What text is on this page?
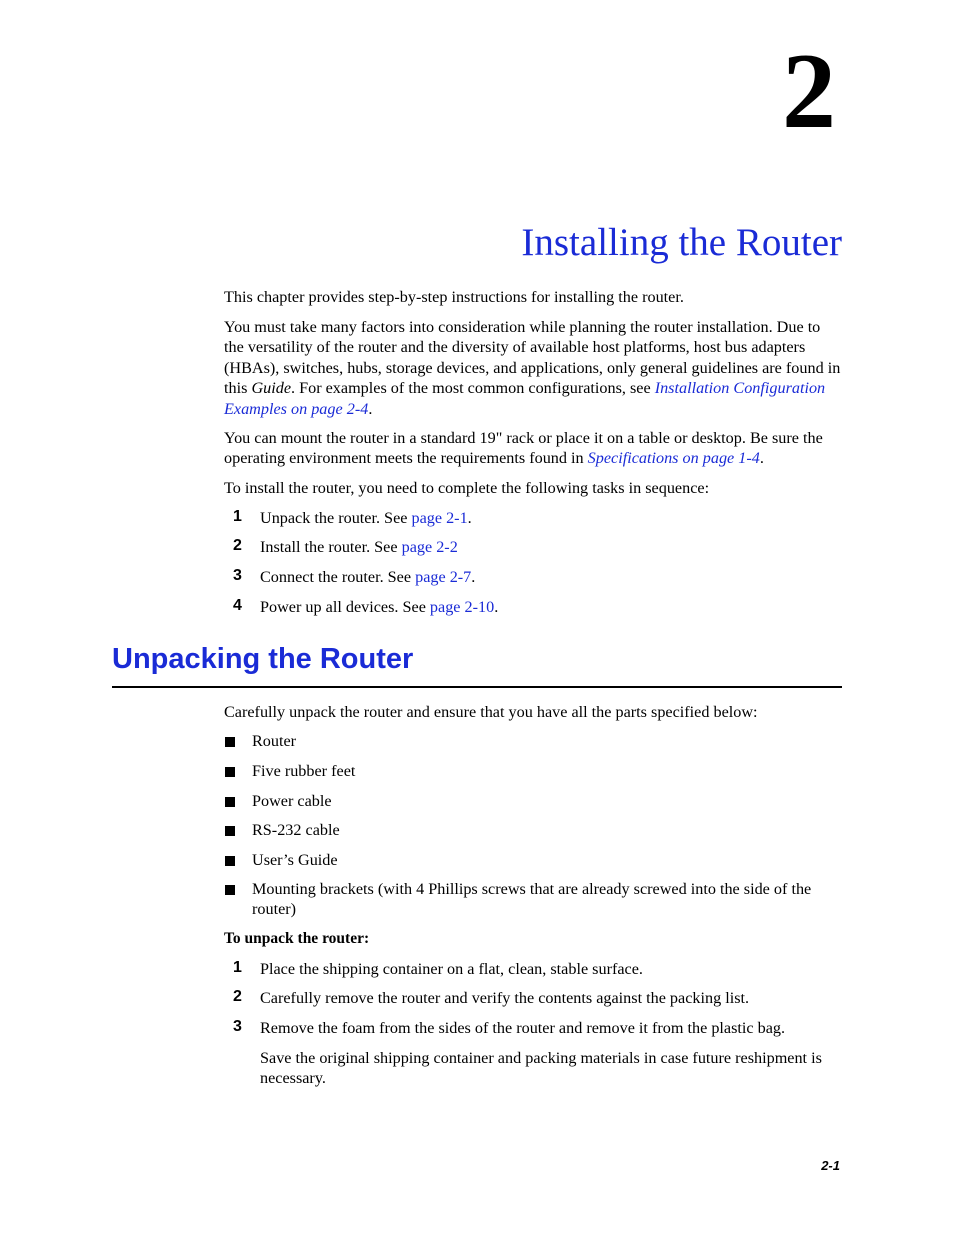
2
Installing the Router
This chapter provides step-by-step instructions for installing the router.
You must take many factors into consideration while planning the router installation. Due to the versatility of the router and the diversity of available host platforms, host bus adapters (HBAs), switches, hubs, storage devices, and applications, only general guidelines are found in this Guide. For examples of the most common configurations, see Installation Configuration Examples on page 2-4.
You can mount the router in a standard 19" rack or place it on a table or desktop. Be sure the operating environment meets the requirements found in Specifications on page 1-4.
To install the router, you need to complete the following tasks in sequence:
1 Unpack the router. See page 2-1.
2 Install the router. See page 2-2
3 Connect the router. See page 2-7.
4 Power up all devices. See page 2-10.
Unpacking the Router
Carefully unpack the router and ensure that you have all the parts specified below:
Router
Five rubber feet
Power cable
RS-232 cable
User’s Guide
Mounting brackets (with 4 Phillips screws that are already screwed into the side of the router)
To unpack the router:
1 Place the shipping container on a flat, clean, stable surface.
2 Carefully remove the router and verify the contents against the packing list.
3 Remove the foam from the sides of the router and remove it from the plastic bag.
Save the original shipping container and packing materials in case future reshipment is necessary.
2-1
